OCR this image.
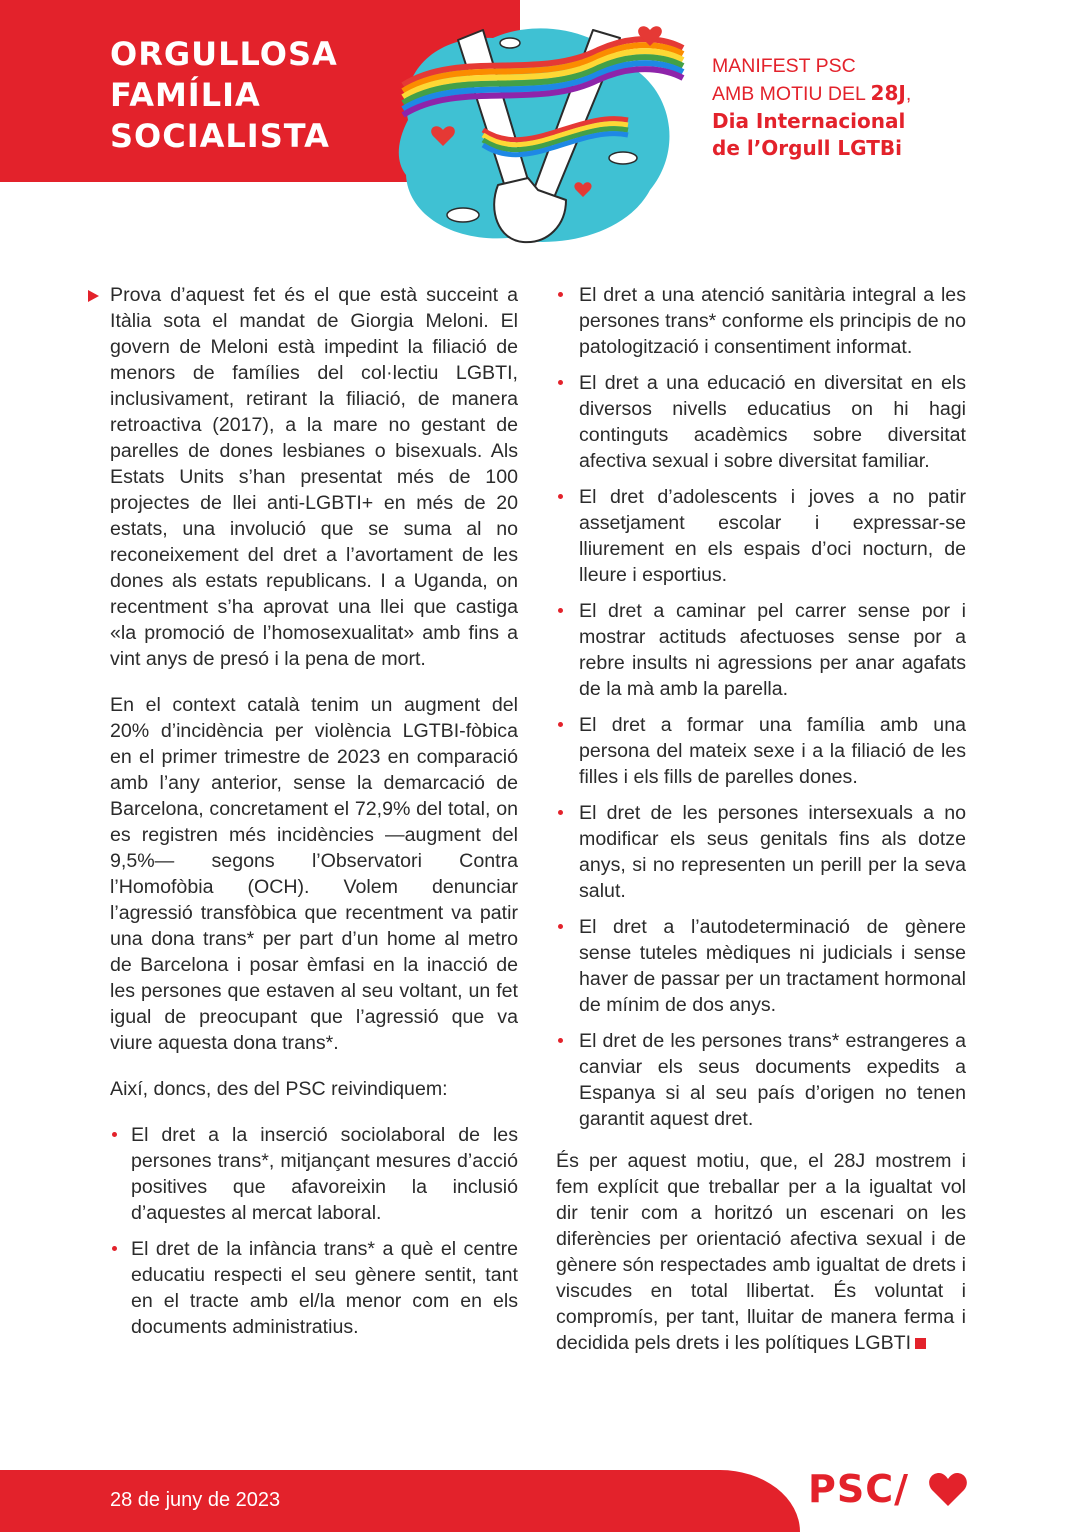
ORGULLOSA
FAMÍLIA
SOCIALISTA
MANIFEST PSC
AMB MOTIU DEL 28J,
Dia Internacional
de l’Orgull LGTBi

Prova d’aquest fet és el que està succeint a Itàlia sota el mandat de Giorgia Meloni. El govern de Meloni està impedint la filiació de menors de famílies del col·lectiu LGBTI, inclusivament, retirant la filiació, de manera retroactiva (2017), a la mare no gestant de parelles de dones lesbianes o bisexuals. Als Estats Units s’han presentat més de 100 projectes de llei anti-LGBTI+ en més de 20 estats, una involució que se suma al no reconeixement del dret a l’avortament de les dones als estats republicans. I a Uganda, on recentment s’ha aprovat una llei que castiga «la promoció de l’homosexualitat» amb fins a vint anys de presó i la pena de mort.

En el context català tenim un augment del 20% d’incidència per violència LGTBI-fòbica en el primer trimestre de 2023 en comparació amb l’any anterior, sense la demarcació de Barcelona, concretament el 72,9% del total, on es registren més incidències —augment del 9,5%— segons l’Observatori Contra l’Homofòbia (OCH). Volem denunciar l’agressió transfòbica que recentment va patir una dona trans* per part d’un home al metro de Barcelona i posar èmfasi en la inacció de les persones que estaven al seu voltant, un fet igual de preocupant que l’agressió que va viure aquesta dona trans*.

Així, doncs, des del PSC reivindiquem:

El dret a la inserció sociolaboral de les persones trans*, mitjançant mesures d’acció positives que afavoreixin la inclusió d’aquestes al mercat laboral.
El dret de la infància trans* a què el centre educatiu respecti el seu gènere sentit, tant en el tracte amb el/la menor com en els documents administratius.
El dret a una atenció sanitària integral a les persones trans* conforme els principis de no patologització i consentiment informat.
El dret a una educació en diversitat en els diversos nivells educatius on hi hagi continguts acadèmics sobre diversitat afectiva sexual i sobre diversitat familiar.
El dret d’adolescents i joves a no patir assetjament escolar i expressar-se lliurement en els espais d’oci nocturn, de lleure i esportius.
El dret a caminar pel carrer sense por i mostrar actituds afectuoses sense por a rebre insults ni agressions per anar agafats de la mà amb la parella.
El dret a formar una família amb una persona del mateix sexe i a la filiació de les filles i els fills de parelles dones.
El dret de les persones intersexuals a no modificar els seus genitals fins als dotze anys, si no representen un perill per la seva salut.
El dret a l’autodeterminació de gènere sense tuteles mèdiques ni judicials i sense haver de passar per un tractament hormonal de mínim de dos anys.
El dret de les persones trans* estrangeres a canviar els seus documents expedits a Espanya si al seu país d’origen no tenen garantit aquest dret.

És per aquest motiu, que, el 28J mostrem i fem explícit que treballar per a la igualtat vol dir tenir com a horitzó un escenari on les diferències per orientació afectiva sexual i de gènere són respectades amb igualtat de drets i viscudes en total llibertat. És voluntat i compromís, per tant, lluitar de manera ferma i decidida pels drets i les polítiques LGBTI

28 de juny de 2023	PSC/
